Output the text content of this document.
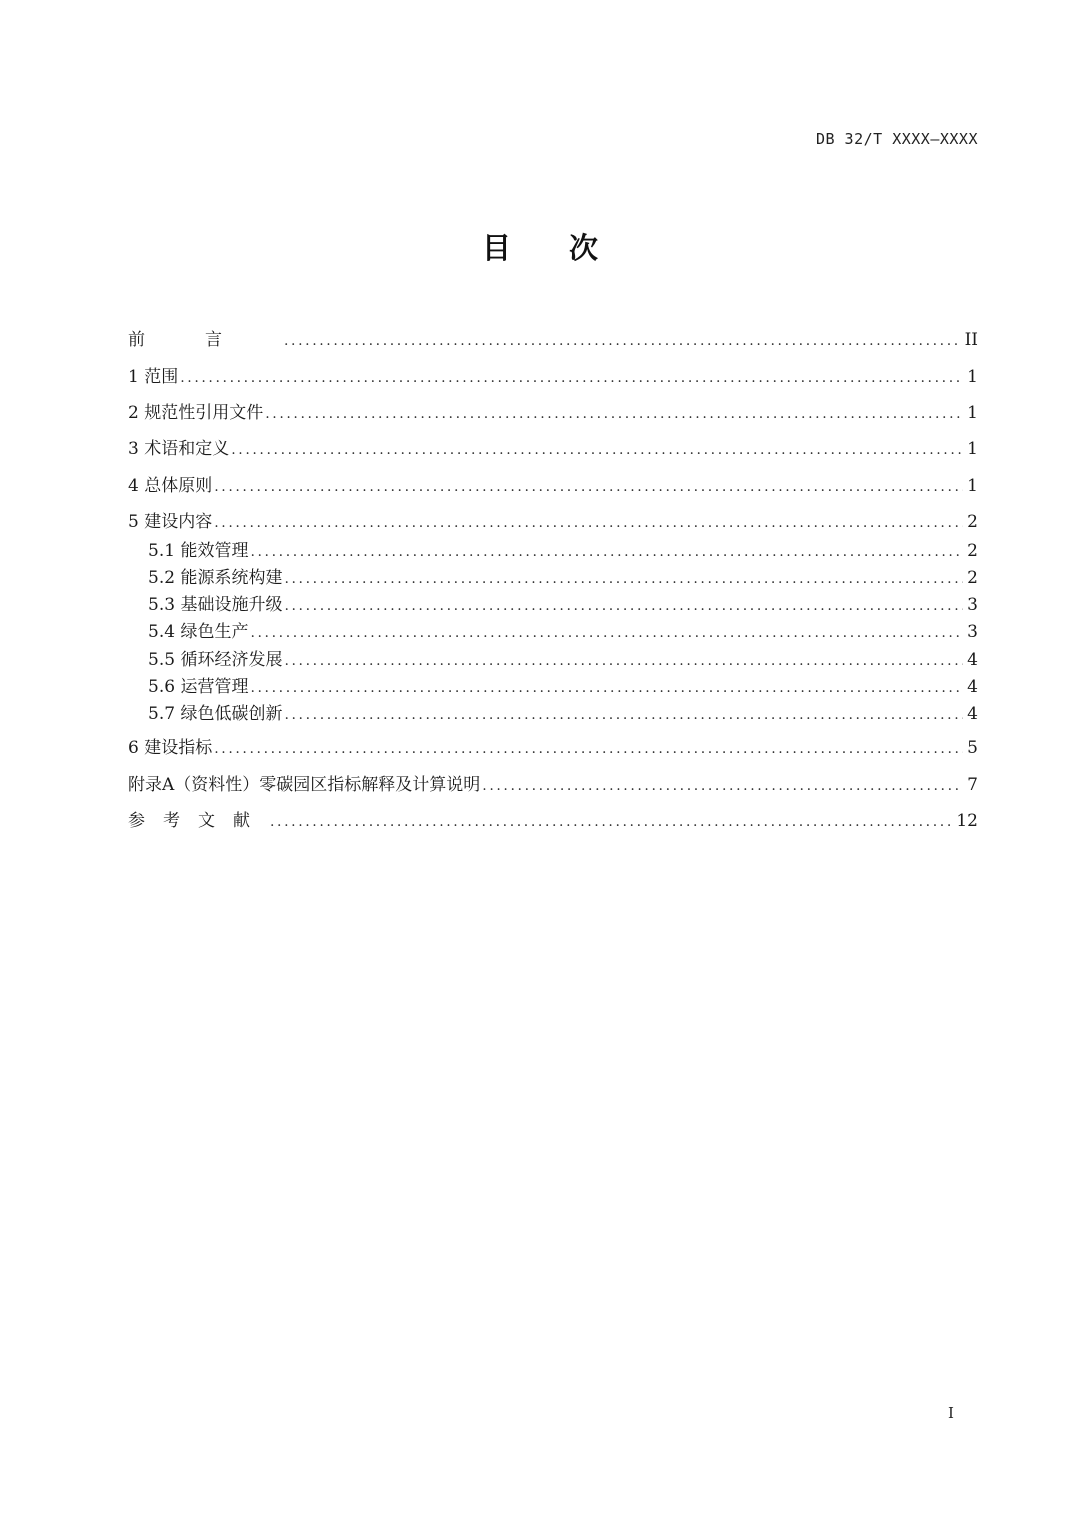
DB 32/T XXXX—XXXX
目次
前言 .....	II
1 范围 .....	1
2 规范性引用文件 .....	1
3 术语和定义 .....	1
4 总体原则 .....	1
5 建设内容 .....	2
5.1 能效管理 .....	2
5.2 能源系统构建 .....	2
5.3 基础设施升级 .....	3
5.4 绿色生产 .....	3
5.5 循环经济发展 .....	4
5.6 运营管理 .....	4
5.7 绿色低碳创新 .....	4
6 建设指标 .....	5
附录A（资料性）零碳园区指标解释及计算说明 .....	7
参考文献 .....	12
I
